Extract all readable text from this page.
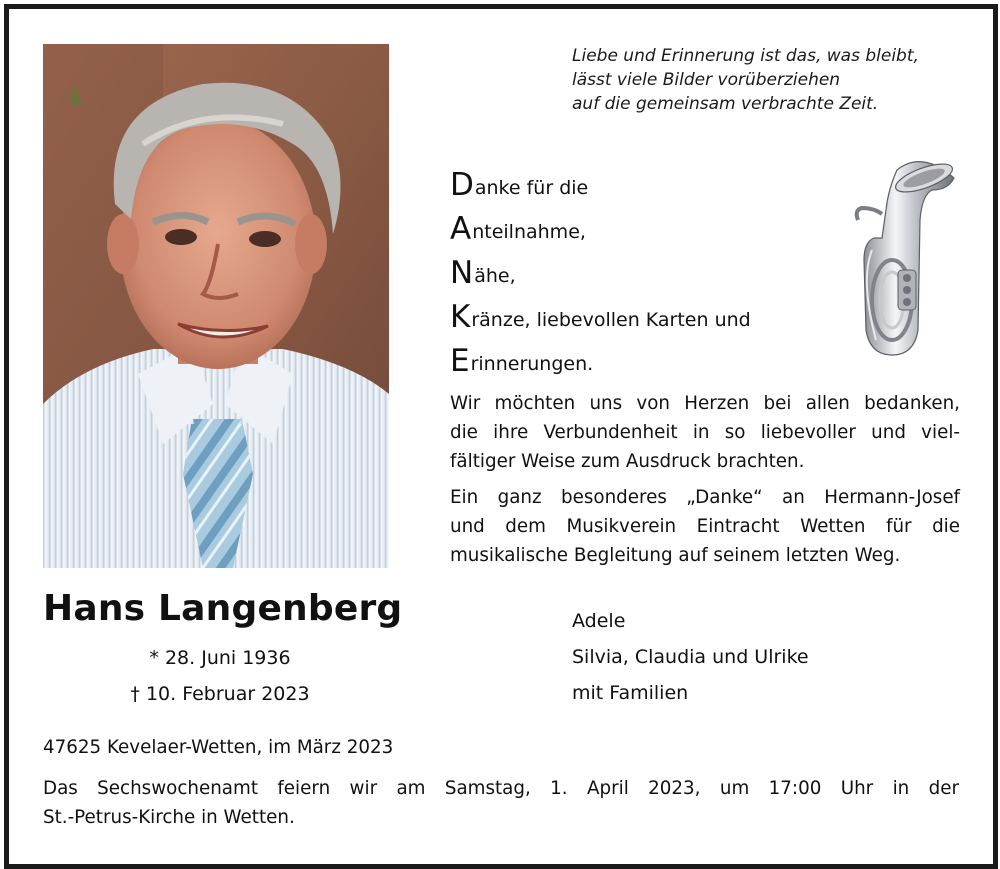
Liebe und Erinnerung ist das, was bleibt,
lässt viele Bilder vorüberziehen
auf die gemeinsam verbrachte Zeit.
D anke für die
A nteilnahme,
N ähe,
K ränze, liebevollen Karten und
E rinnerungen.
Wir möchten uns von Herzen bei allen bedanken,
die ihre Verbundenheit in so liebevoller und viel-
fältiger Weise zum Ausdruck brachten.
Ein ganz besonderes „Danke“ an Hermann-Josef
und dem Musikverein Eintracht Wetten für die
musikalische Begleitung auf seinem letzten Weg.
Hans Langenberg
* 28. Juni 1936
† 10. Februar 2023
Adele
Silvia, Claudia und Ulrike
mit Familien
47625 Kevelaer-Wetten, im März 2023
Das Sechswochenamt feiern wir am Samstag, 1. April 2023, um 17:00 Uhr in der
St.-Petrus-Kirche in Wetten.
